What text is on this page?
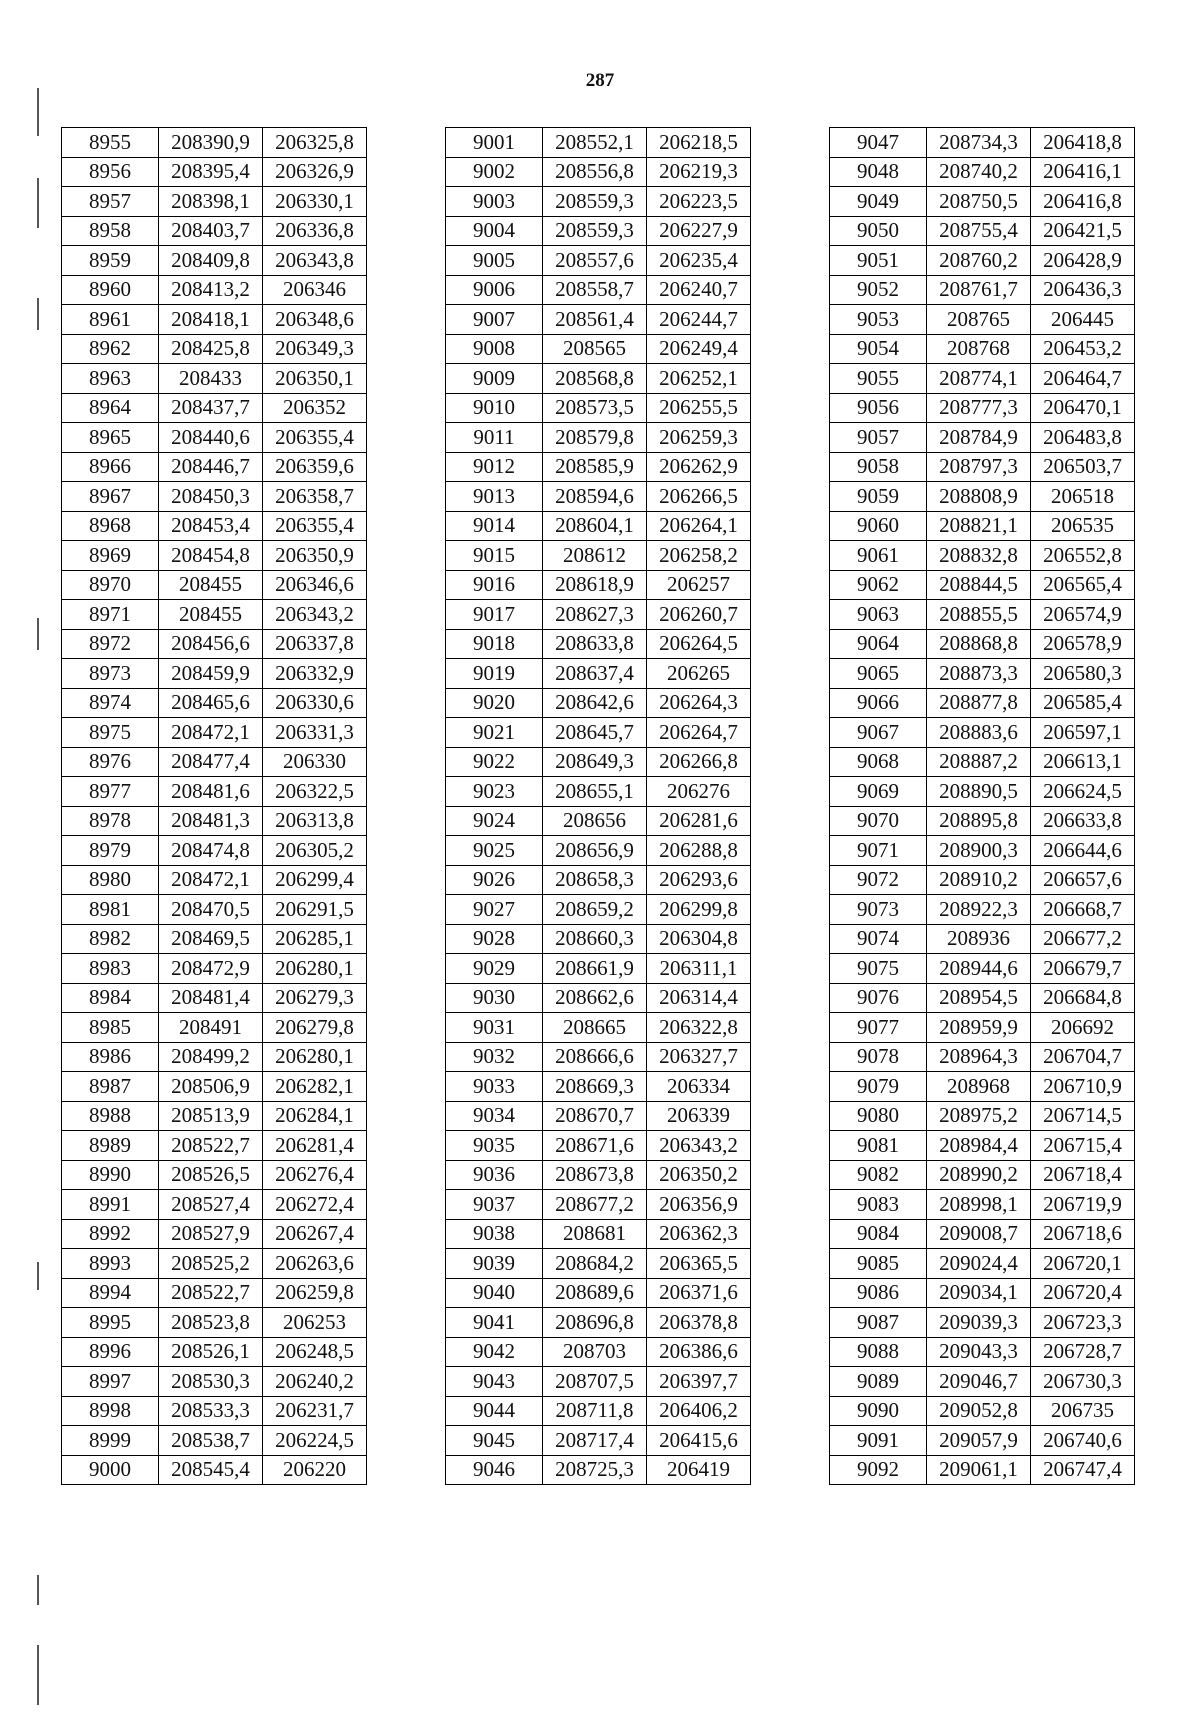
287
8955	208390,9	206325,8
8956	208395,4	206326,9
8957	208398,1	206330,1
8958	208403,7	206336,8
8959	208409,8	206343,8
8960	208413,2	206346
8961	208418,1	206348,6
8962	208425,8	206349,3
8963	208433	206350,1
8964	208437,7	206352
8965	208440,6	206355,4
8966	208446,7	206359,6
8967	208450,3	206358,7
8968	208453,4	206355,4
8969	208454,8	206350,9
8970	208455	206346,6
8971	208455	206343,2
8972	208456,6	206337,8
8973	208459,9	206332,9
8974	208465,6	206330,6
8975	208472,1	206331,3
8976	208477,4	206330
8977	208481,6	206322,5
8978	208481,3	206313,8
8979	208474,8	206305,2
8980	208472,1	206299,4
8981	208470,5	206291,5
8982	208469,5	206285,1
8983	208472,9	206280,1
8984	208481,4	206279,3
8985	208491	206279,8
8986	208499,2	206280,1
8987	208506,9	206282,1
8988	208513,9	206284,1
8989	208522,7	206281,4
8990	208526,5	206276,4
8991	208527,4	206272,4
8992	208527,9	206267,4
8993	208525,2	206263,6
8994	208522,7	206259,8
8995	208523,8	206253
8996	208526,1	206248,5
8997	208530,3	206240,2
8998	208533,3	206231,7
8999	208538,7	206224,5
9000	208545,4	206220
9001	208552,1	206218,5
9002	208556,8	206219,3
9003	208559,3	206223,5
9004	208559,3	206227,9
9005	208557,6	206235,4
9006	208558,7	206240,7
9007	208561,4	206244,7
9008	208565	206249,4
9009	208568,8	206252,1
9010	208573,5	206255,5
9011	208579,8	206259,3
9012	208585,9	206262,9
9013	208594,6	206266,5
9014	208604,1	206264,1
9015	208612	206258,2
9016	208618,9	206257
9017	208627,3	206260,7
9018	208633,8	206264,5
9019	208637,4	206265
9020	208642,6	206264,3
9021	208645,7	206264,7
9022	208649,3	206266,8
9023	208655,1	206276
9024	208656	206281,6
9025	208656,9	206288,8
9026	208658,3	206293,6
9027	208659,2	206299,8
9028	208660,3	206304,8
9029	208661,9	206311,1
9030	208662,6	206314,4
9031	208665	206322,8
9032	208666,6	206327,7
9033	208669,3	206334
9034	208670,7	206339
9035	208671,6	206343,2
9036	208673,8	206350,2
9037	208677,2	206356,9
9038	208681	206362,3
9039	208684,2	206365,5
9040	208689,6	206371,6
9041	208696,8	206378,8
9042	208703	206386,6
9043	208707,5	206397,7
9044	208711,8	206406,2
9045	208717,4	206415,6
9046	208725,3	206419
9047	208734,3	206418,8
9048	208740,2	206416,1
9049	208750,5	206416,8
9050	208755,4	206421,5
9051	208760,2	206428,9
9052	208761,7	206436,3
9053	208765	206445
9054	208768	206453,2
9055	208774,1	206464,7
9056	208777,3	206470,1
9057	208784,9	206483,8
9058	208797,3	206503,7
9059	208808,9	206518
9060	208821,1	206535
9061	208832,8	206552,8
9062	208844,5	206565,4
9063	208855,5	206574,9
9064	208868,8	206578,9
9065	208873,3	206580,3
9066	208877,8	206585,4
9067	208883,6	206597,1
9068	208887,2	206613,1
9069	208890,5	206624,5
9070	208895,8	206633,8
9071	208900,3	206644,6
9072	208910,2	206657,6
9073	208922,3	206668,7
9074	208936	206677,2
9075	208944,6	206679,7
9076	208954,5	206684,8
9077	208959,9	206692
9078	208964,3	206704,7
9079	208968	206710,9
9080	208975,2	206714,5
9081	208984,4	206715,4
9082	208990,2	206718,4
9083	208998,1	206719,9
9084	209008,7	206718,6
9085	209024,4	206720,1
9086	209034,1	206720,4
9087	209039,3	206723,3
9088	209043,3	206728,7
9089	209046,7	206730,3
9090	209052,8	206735
9091	209057,9	206740,6
9092	209061,1	206747,4
